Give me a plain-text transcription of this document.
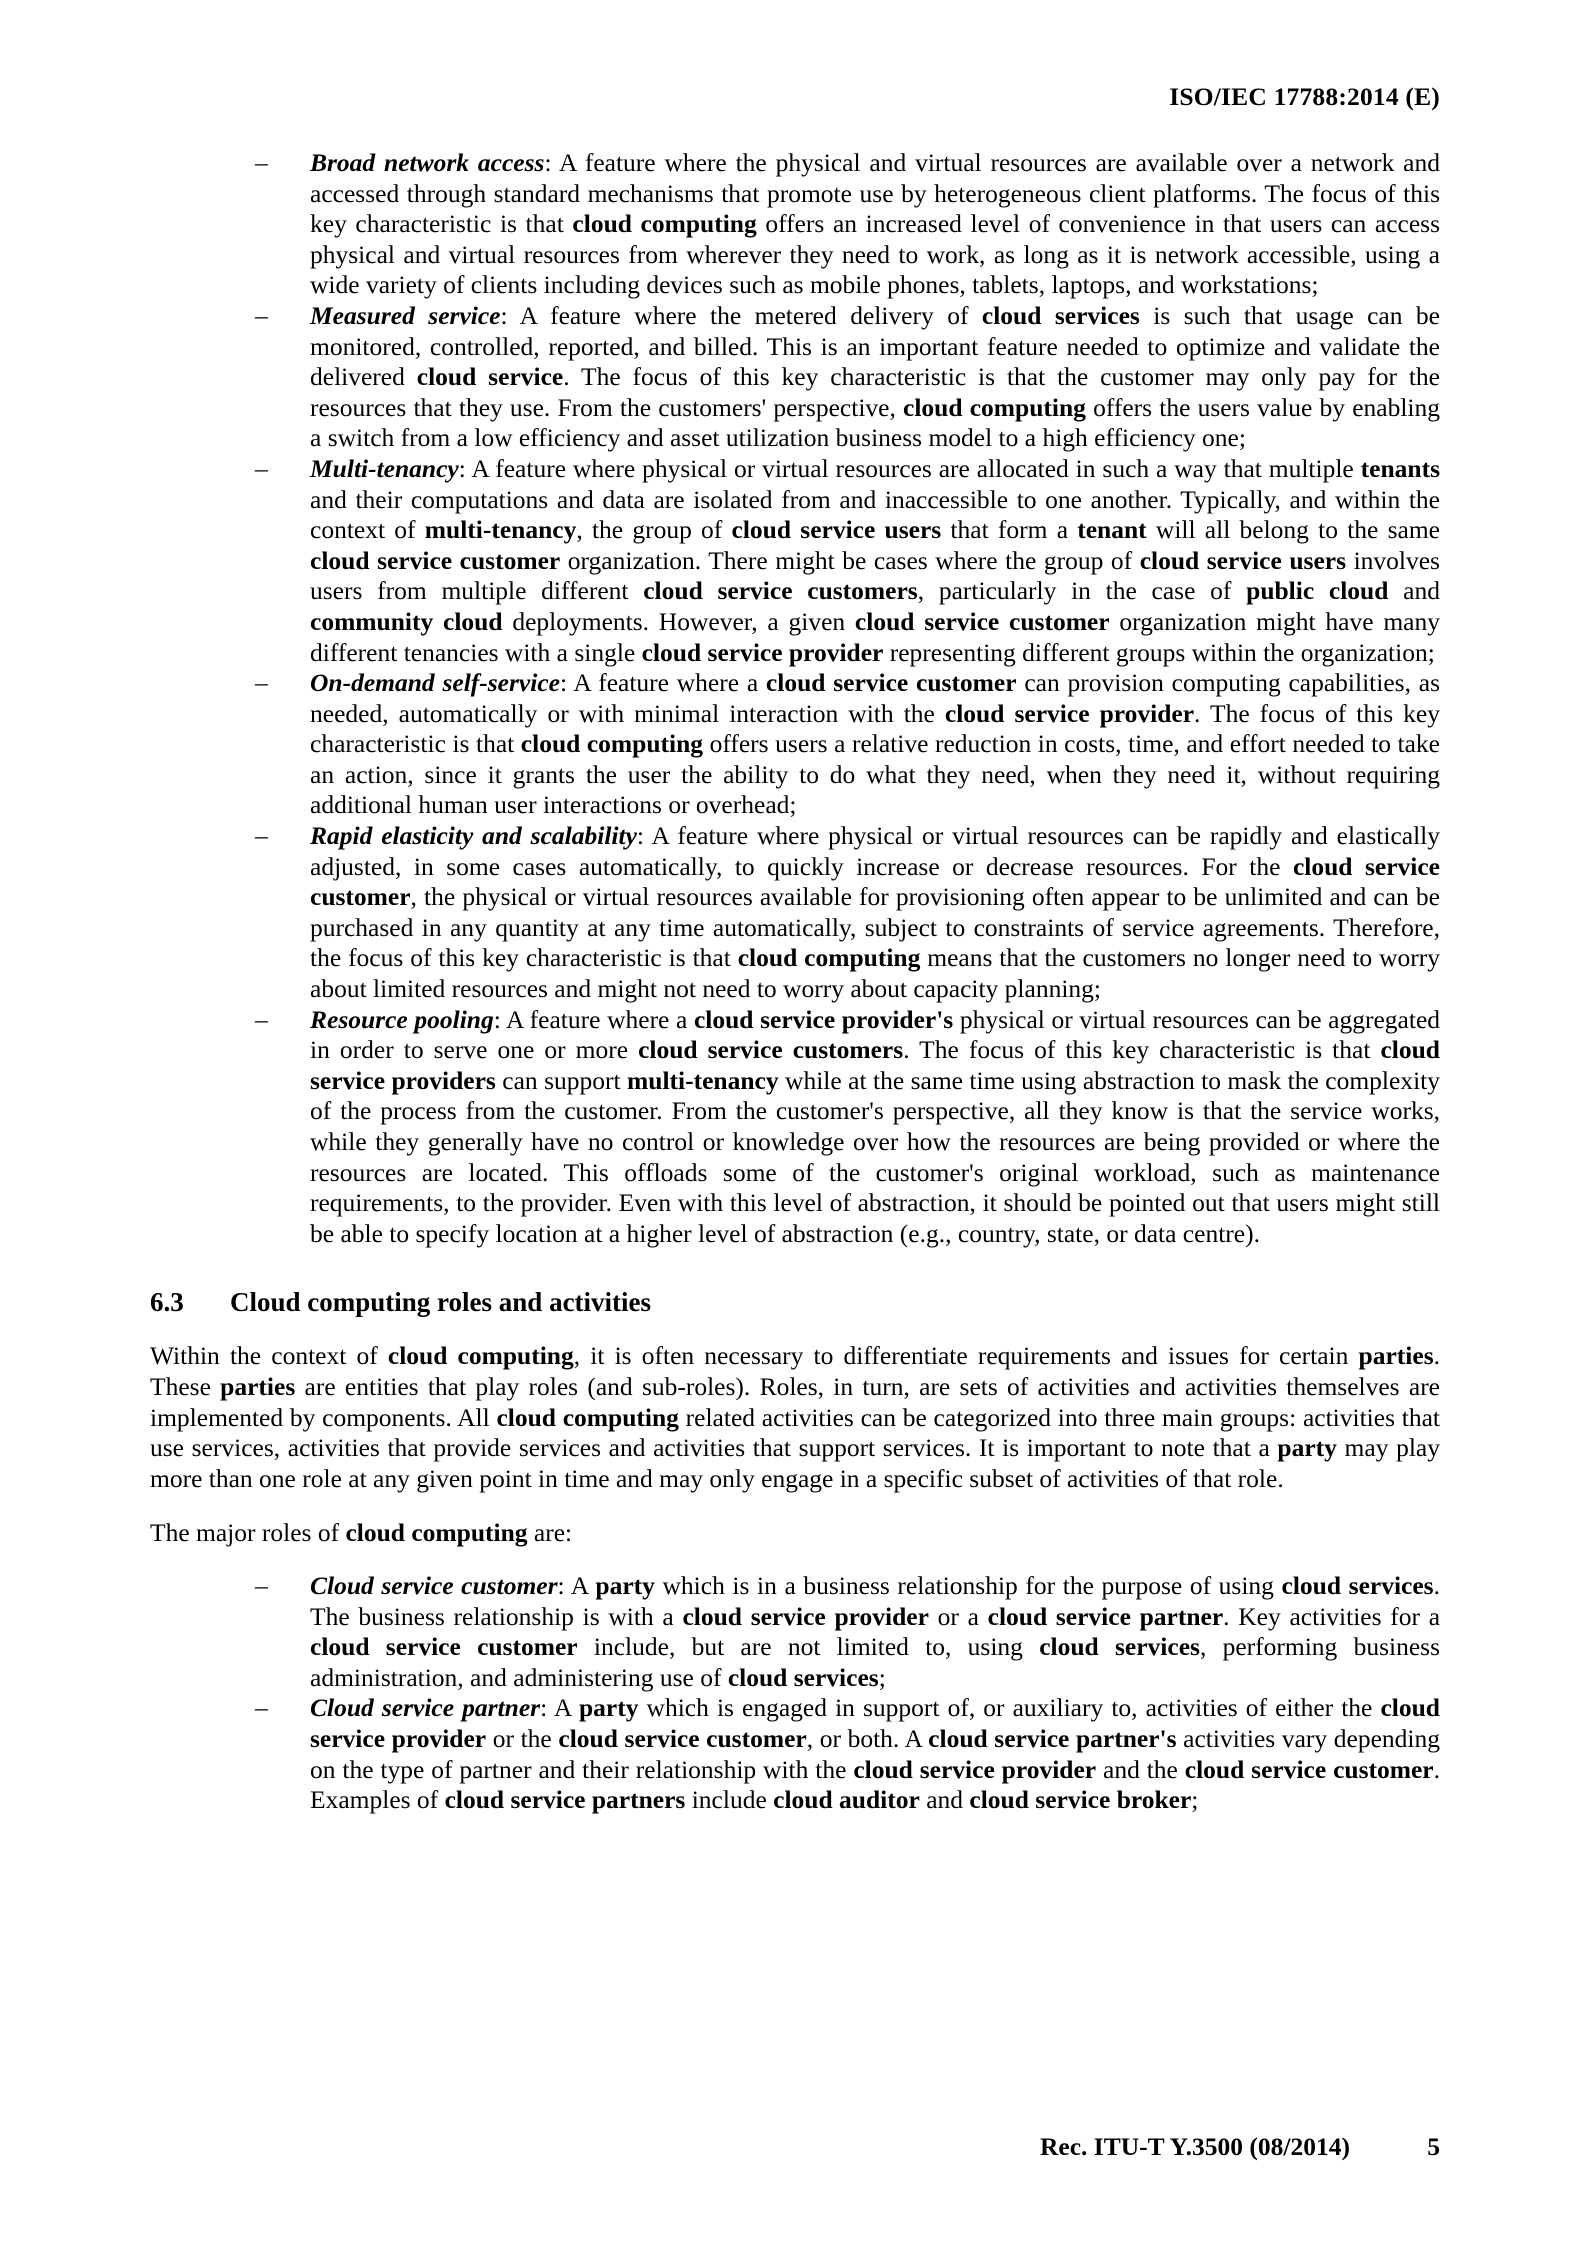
ISO/IEC 17788:2014 (E)
– Broad network access: A feature where the physical and virtual resources are available over a network and accessed through standard mechanisms that promote use by heterogeneous client platforms. The focus of this key characteristic is that cloud computing offers an increased level of convenience in that users can access physical and virtual resources from wherever they need to work, as long as it is network accessible, using a wide variety of clients including devices such as mobile phones, tablets, laptops, and workstations;
– Measured service: A feature where the metered delivery of cloud services is such that usage can be monitored, controlled, reported, and billed. This is an important feature needed to optimize and validate the delivered cloud service. The focus of this key characteristic is that the customer may only pay for the resources that they use. From the customers' perspective, cloud computing offers the users value by enabling a switch from a low efficiency and asset utilization business model to a high efficiency one;
– Multi-tenancy: A feature where physical or virtual resources are allocated in such a way that multiple tenants and their computations and data are isolated from and inaccessible to one another. Typically, and within the context of multi-tenancy, the group of cloud service users that form a tenant will all belong to the same cloud service customer organization. There might be cases where the group of cloud service users involves users from multiple different cloud service customers, particularly in the case of public cloud and community cloud deployments. However, a given cloud service customer organization might have many different tenancies with a single cloud service provider representing different groups within the organization;
– On-demand self-service: A feature where a cloud service customer can provision computing capabilities, as needed, automatically or with minimal interaction with the cloud service provider. The focus of this key characteristic is that cloud computing offers users a relative reduction in costs, time, and effort needed to take an action, since it grants the user the ability to do what they need, when they need it, without requiring additional human user interactions or overhead;
– Rapid elasticity and scalability: A feature where physical or virtual resources can be rapidly and elastically adjusted, in some cases automatically, to quickly increase or decrease resources. For the cloud service customer, the physical or virtual resources available for provisioning often appear to be unlimited and can be purchased in any quantity at any time automatically, subject to constraints of service agreements. Therefore, the focus of this key characteristic is that cloud computing means that the customers no longer need to worry about limited resources and might not need to worry about capacity planning;
– Resource pooling: A feature where a cloud service provider's physical or virtual resources can be aggregated in order to serve one or more cloud service customers. The focus of this key characteristic is that cloud service providers can support multi-tenancy while at the same time using abstraction to mask the complexity of the process from the customer. From the customer's perspective, all they know is that the service works, while they generally have no control or knowledge over how the resources are being provided or where the resources are located. This offloads some of the customer's original workload, such as maintenance requirements, to the provider. Even with this level of abstraction, it should be pointed out that users might still be able to specify location at a higher level of abstraction (e.g., country, state, or data centre).
6.3	Cloud computing roles and activities

Within the context of cloud computing, it is often necessary to differentiate requirements and issues for certain parties. These parties are entities that play roles (and sub-roles). Roles, in turn, are sets of activities and activities themselves are implemented by components. All cloud computing related activities can be categorized into three main groups: activities that use services, activities that provide services and activities that support services. It is important to note that a party may play more than one role at any given point in time and may only engage in a specific subset of activities of that role.

The major roles of cloud computing are:

– Cloud service customer: A party which is in a business relationship for the purpose of using cloud services. The business relationship is with a cloud service provider or a cloud service partner. Key activities for a cloud service customer include, but are not limited to, using cloud services, performing business administration, and administering use of cloud services;
– Cloud service partner: A party which is engaged in support of, or auxiliary to, activities of either the cloud service provider or the cloud service customer, or both. A cloud service partner's activities vary depending on the type of partner and their relationship with the cloud service provider and the cloud service customer. Examples of cloud service partners include cloud auditor and cloud service broker;
Rec. ITU-T Y.3500 (08/2014)	5
